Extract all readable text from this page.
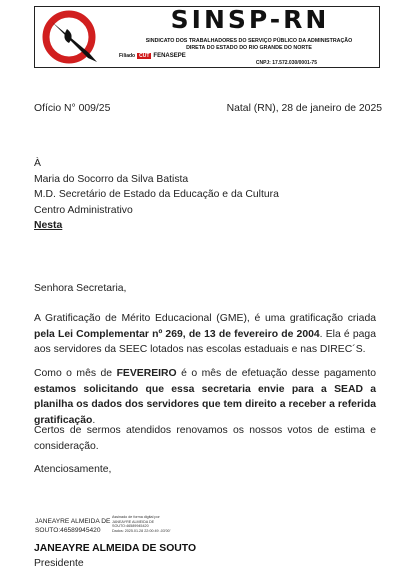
SINSP-RN
SINDICATO DOS TRABALHADORES DO SERVIÇO PÚBLICO DA ADMINISTRAÇÃO
DIRETA DO ESTADO DO RIO GRANDE DO NORTE
Filiado CUT FENASEPE
CNPJ: 17.572.030/0001-75
Ofício N° 009/25	Natal (RN), 28 de janeiro de 2025
À
Maria do Socorro da Silva Batista
M.D. Secretário de Estado da Educação e da Cultura
Centro Administrativo
Nesta
Senhora Secretaria,
A Gratificação de Mérito Educacional (GME), é uma gratificação criada pela Lei Complementar nº 269, de 13 de fevereiro de 2004. Ela é paga aos servidores da SEEC lotados nas escolas estaduais e nas DIREC´S.
Como o mês de FEVEREIRO é o mês de efetuação desse pagamento estamos solicitando que essa secretaria envie para a SEAD a planilha os dados dos servidores que tem direito a receber a referida gratificação.
Certos de sermos atendidos renovamos os nossos votos de estima e consideração.
Atenciosamente,
JANEAYRE ALMEIDA DE SOUTO:46589945420
Assinado de forma digital por
JANEAYRE ALMEIDA DE
SOUTO:46589945420
Dados: 2025.01.28 22:00:49 -03'00'
JANEAYRE ALMEIDA DE SOUTO
Presidente
